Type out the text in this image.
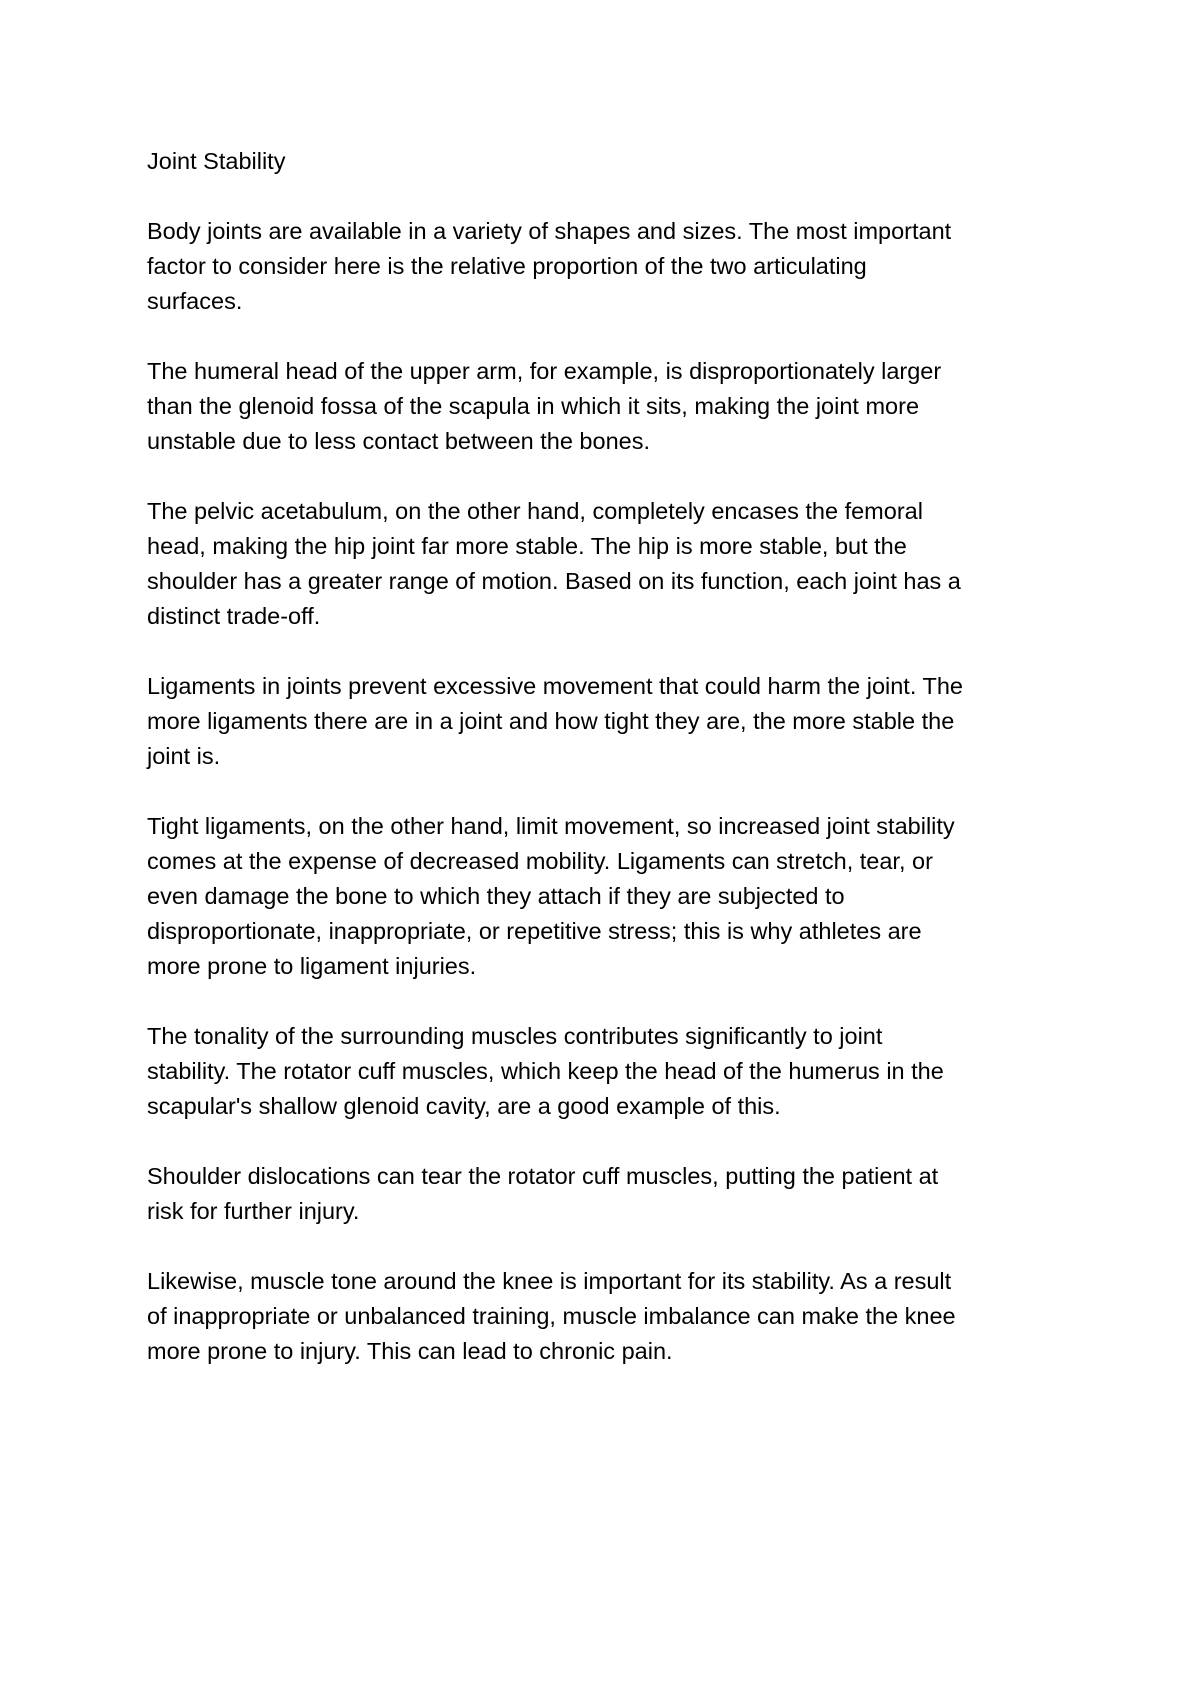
Joint Stability

Body joints are available in a variety of shapes and sizes. The most important
factor to consider here is the relative proportion of the two articulating
surfaces.

The humeral head of the upper arm, for example, is disproportionately larger
than the glenoid fossa of the scapula in which it sits, making the joint more
unstable due to less contact between the bones.

The pelvic acetabulum, on the other hand, completely encases the femoral
head, making the hip joint far more stable. The hip is more stable, but the
shoulder has a greater range of motion. Based on its function, each joint has a
distinct trade-off.

Ligaments in joints prevent excessive movement that could harm the joint. The
more ligaments there are in a joint and how tight they are, the more stable the
joint is.

Tight ligaments, on the other hand, limit movement, so increased joint stability
comes at the expense of decreased mobility. Ligaments can stretch, tear, or
even damage the bone to which they attach if they are subjected to
disproportionate, inappropriate, or repetitive stress; this is why athletes are
more prone to ligament injuries.

The tonality of the surrounding muscles contributes significantly to joint
stability. The rotator cuff muscles, which keep the head of the humerus in the
scapular's shallow glenoid cavity, are a good example of this.

Shoulder dislocations can tear the rotator cuff muscles, putting the patient at
risk for further injury.

Likewise, muscle tone around the knee is important for its stability. As a result
of inappropriate or unbalanced training, muscle imbalance can make the knee
more prone to injury. This can lead to chronic pain.
